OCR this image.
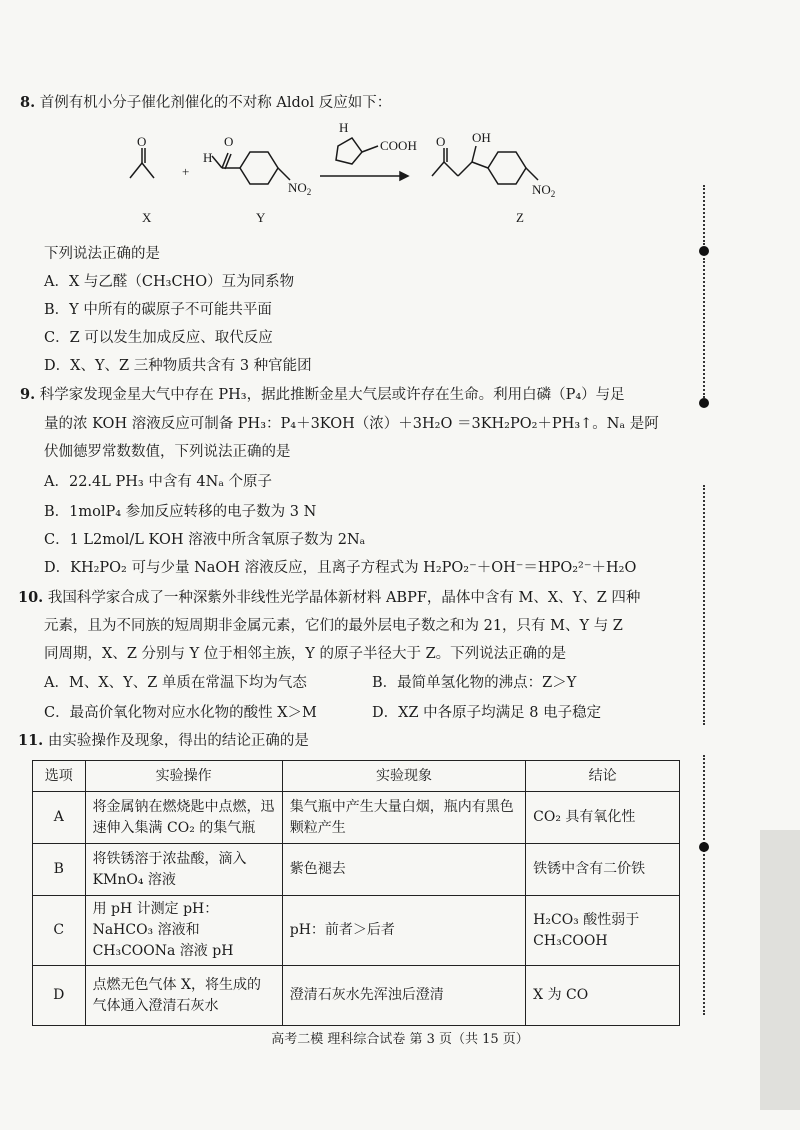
8. 首例有机小分子催化剂催化的不对称 Aldol 反应如下：
O
+
O
H
$NO_2$
H
COOH O OH
$NO_2$
X	Y	Z
下列说法正确的是
A．X 与乙醛（CH₃CHO）互为同系物
B．Y 中所有的碳原子不可能共平面
C．Z 可以发生加成反应、取代反应
D．X、Y、Z 三种物质共含有 3 种官能团
9. 科学家发现金星大气中存在 PH₃，据此推断金星大气层或许存在生命。利用白磷（P₄）与足
量的浓 KOH 溶液反应可制备 PH₃：P₄＋3KOH（浓）＋3H₂O ＝3KH₂PO₂＋PH₃↑。Nₐ 是阿
伏伽德罗常数数值，下列说法正确的是
A．22.4L PH₃ 中含有 4Nₐ 个原子
B．1molP₄ 参加反应转移的电子数为 3 N
C．1 L2mol/L KOH 溶液中所含氧原子数为 2Nₐ
D．KH₂PO₂ 可与少量 NaOH 溶液反应，且离子方程式为 H₂PO₂⁻＋OH⁻＝HPO₂²⁻＋H₂O
10. 我国科学家合成了一种深紫外非线性光学晶体新材料 ABPF，晶体中含有 M、X、Y、Z 四种
元素，且为不同族的短周期非金属元素，它们的最外层电子数之和为 21，只有 M、Y 与 Z
同周期，X、Z 分别与 Y 位于相邻主族，Y 的原子半径大于 Z。下列说法正确的是
A．M、X、Y、Z 单质在常温下均为气态	B．最简单氢化物的沸点：Z＞Y
C．最高价氧化物对应水化物的酸性 X＞M	D．XZ 中各原子均满足 8 电子稳定
11. 由实验操作及现象，得出的结论正确的是
选项	实验操作	实验现象	结论
A	将金属钠在燃烧匙中点燃，迅速伸入集满 CO₂ 的集气瓶	集气瓶中产生大量白烟，瓶内有黑色颗粒产生	CO₂ 具有氧化性
B	将铁锈溶于浓盐酸，滴入 KMnO₄ 溶液	紫色褪去	铁锈中含有二价铁
C	用 pH 计测定 pH：NaHCO₃ 溶液和 CH₃COONa 溶液 pH	pH：前者＞后者	H₂CO₃ 酸性弱于 CH₃COOH
D	点燃无色气体 X，将生成的气体通入澄清石灰水	澄清石灰水先浑浊后澄清	X 为 CO
高考二模 理科综合试卷 第 3 页（共 15 页）
